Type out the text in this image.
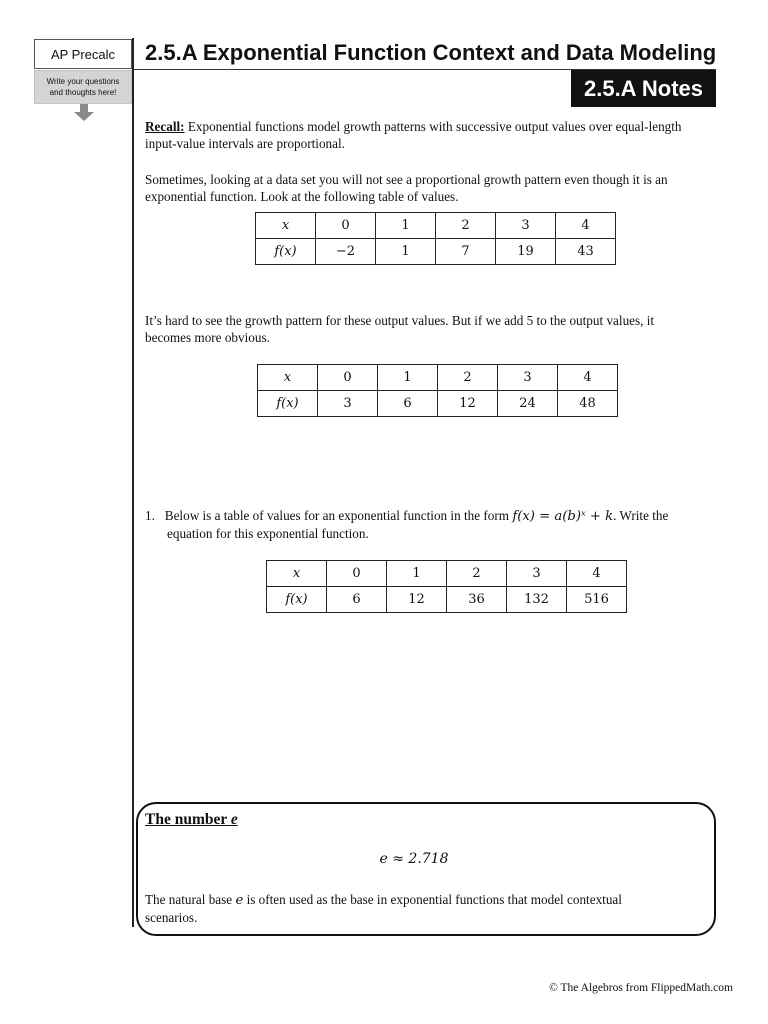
AP Precalc
Write your questions
and thoughts here!
2.5.A Exponential Function Context and Data Modeling
2.5.A Notes
Recall: Exponential functions model growth patterns with successive output values over equal-length
input-value intervals are proportional.
Sometimes, looking at a data set you will not see a proportional growth pattern even though it is an
exponential function. Look at the following table of values.
x	0	1	2	3	4
f(x)	−2	1	7	19	43
It’s hard to see the growth pattern for these output values. But if we add 5 to the output values, it
becomes more obvious.
x	0	1	2	3	4
f(x)	3	6	12	24	48
1. Below is a table of values for an exponential function in the form f(x) = a(b)ˣ + k. Write the
equation for this exponential function.
x	0	1	2	3	4
f(x)	6	12	36	132	516
The number e
e ≈ 2.718
The natural base e is often used as the base in exponential functions that model contextual
scenarios.
© The Algebros from FlippedMath.com
